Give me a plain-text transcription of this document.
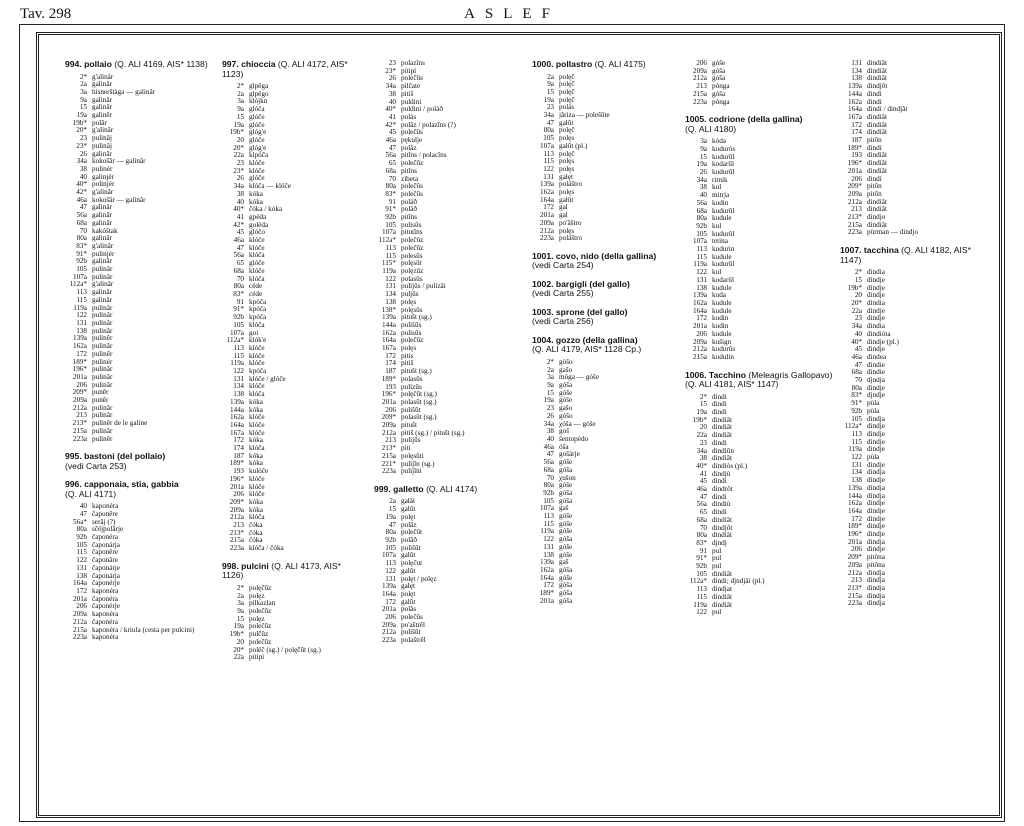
Tav. 298	ASLEF
994. pollaio (Q. ALI 4169, AIS* 1138)
2* g'alinâr
2a galinâr
3a hisnerštàga — galinâr
9a galinâr
15 galinâr
19a galinêr
19b* polâr
20* g'alinâr
23 pulinâj
23* pulinâj
26 galinâr
34a kokošâr — galinâr
38 pulinér
40 galinjér
40* polinjér
42* g'alinâr
46a kokošâr — galinâr
47 galinâr
56a galinâr
68a galinâr
70 kakóštak
80a galinâr
83* g'alinâr
91* pulinjér
92b galinâr
105 pulinâr
107a pulinâr
112a* g'alinâr
113 galinâr
115 galinâr
119a pulinâr
122 pulinâr
131 pulinâr
138 pulinâr
139a pulinêr
162a pulinâr
172 pulinêr
189* pulinér
196* pulinâr
201a pulinâr
206 pulinâr
209* punêr
209a punêr
212a pulinâr
213 pulinâr
213* pulinêr de le galine
215a pulinâr
223a pulinêr
995. bastoni (del pollaio)
(vedi Carta 253)
996. capponaia, stia, gabbia
(Q. ALI 4171)
40 kaponéra
47 čaponêre
56a* serâj (?)
80a sčéjpolârje
92b čaponéra
105 čaponárja
115 čaponêre
122 čaponâre
131 čaponárje
138 čaponárja
164a čaponérje
172 kaponéra
201a čaponéra
206 čaponérje
209a kaponéra
212a čaponéra
215a kaponéra / kriula (cesta per pulcini)
223a kaponéra
997. chioccia (Q. ALI 4172, AIS* 1123)
2* glpêga
2a glpêgo
3a klójkn
9a glóča
15 glóče
19a glóče
19b* glóg'e
20 glóče
20* glóg'e
22a klpóča
23 klóče
23* klóče
26 glóče
34a klóča — klóče
38 kóka
40 kóka
40* čóka / kóka
41 gpéda
42* goléda
45 glóčo
46a klóče
47 klóče
56a klóča
65 glóče
68a klóče
70 klóča
80a céde
83* céde
91 kpóča
91* kpóča
92b kpóča
105 klóča
107a goi
112a* klók'e
113 klóče
115 klóče
119a klóče
122 kpóča
131 klóče / glóče
134 klóče
138 klóča
139a kóka
144a kóka
162a klóče
164a klóče
167a klóče
172 kóka
174 klóča
187 kóka
189* kóka
193 kulóče
196* klóče
201a klóče
206 klóče
209* kóka
209a kóka
212a klóča
213 čóka
213* čóka
215a čóka
223a klóča / čóka
998. pulcini (Q. ALI 4173, AIS* 1126)
2* polęčûz
2a polęz
3a pilkazlan
9a polečûz
15 polęz
19a polečûz
19b* pulčûz
20 polečûz
20* poléč (sg.) / polęčût (sg.)
22a pitipì
23 polazîns
23* pitipì
26 polečûs
34a pilčate
38 pitiš
40 puldini
40* puldini / poláð
41 polás
42* polâz / polazîns (?)
45 polečûs
46a pękulje
47 polâz
56a pitîns / polacîns
65 polečûz
68a pitîns
70 zibeta
80a polečûs
83* polečûs
91 poláð
91* poláð
92b pitîns
105 pulisûs
107a pitutîns
112a* polečûz
113 polečûz
115 polesûs
115* polęsût
119a polęzûz
122 polasûs
131 pulijûs / pulizâi
134 puljûs
138 polęs
138* polęsûs
139a pitušt (sg.)
144a pulišûs
162a pulisûs
164a polečûz
167a polęs
172 pitis
174 pitiš
187 pitušt (sg.)
189* polasûs
193 pulizûs
196* polęčût (sg.)
201a polasût (sg.)
206 pulišût
209* polasût (sg.)
209a pitušt
212a pitiš (sg.) / pitušt (sg.)
213 pulijûs
213* piti
215a polęsûti
221* pulijîn (sg.)
223a pulijîni
999. galletto (Q. ALI 4174)
2a gałât
15 galût
19a polęt
47 polâz
80a polečût
92b polâð
105 pulišût
107a galût
113 polęčut
122 galût
131 polęt / polęz
139a galęt
164a polęt
172 galût
201a polâs
206 polečûs
209a po'aštrêl
212a pulišût
223a polaštrêl
1000. pollastro (Q. ALI 4175)
2a polęč
9a polęč
15 polęč
19a polęč
23 polás
34a jâriza — polešûte
47 gałût
80a polęč
105 polęs
107a gałût (pl.)
113 polęč
115 polęs
122 polęs
131 gałęt
139a poláštro
162a polęs
164a gałût
172 gal
201a gal
209a po'âštro
212a polęs
223a poláštro
1001. covo, nido (della gallina)
(vedi Carta 254)
1002. bargigli (del gallo)
(vedi Carta 255)
1003. sprone (del gallo)
(vedi Carta 256)
1004. gozzo (della gallina)
(Q. ALI 4179, AIS* 1128 Cp.)
2* gòšo
2a gašo
3a móga — gòše
9a góša
15 góše
19a góše
23 gašo
26 góšo
34a χóša — góše
38 goš
40 šentopèdo
46a óša
47 gošárje
56a góše
68a góša
70 χušon
80a góše
92b góša
105 góša
107a gaš
113 góše
115 góše
119a góše
122 góša
131 góše
138 góše
139a gaš
162a góša
164a góše
172 góša
189* góša
201a góša
206 góše
209a góša
212a góša
213 pònga
215a góša
223a pònga
1005. codrione (della gallina)
(Q. ALI 4180)
3a kódə
9a kudurós
15 kudurûl
19a kodarûl
26 kudurûl
34a ritnik
38 kul
40 mitrja
56a kudin
68a kudurûl
80a kudule
92b kul
105 kudurûl
107a tetina
113 kudurin
115 kudule
119a kudurûl
122 kul
131 kodarûl
138 kudule
139a kuda
162a kudule
164a kudule
172 kudin
201a kudin
206 kudule
209a kušign
212a kudurûs
215a kudulin
1006. Tacchino (Meleagris Gallopavo) (Q. ALI 4181, AIS* 1147)
2* dindi
15 dindi
19a dindi
19b* dindiât
20 dindiât
22a dindiât
23 dindi
34a dindiûn
38 dindiât
40* dindiòs (pl.)
41 dindjù
45 dindi
46a dindrôt
47 dindi
56a dindiù
65 dindi
68a dindiât
70 dindjôt
80a dindiât
83* djndj
91 pul
91* pul
92b pul
105 dindiât
112a* dindi; djndjâi (pl.)
113 dindjat
115 dindiât
119a dindiât
122 pul
131 dindiât
134 dindiât
138 dindiât
139a dindjôt
144a dindi
162a dindi
164a dindi / dindjât
167a dindiât
172 dindiât
174 dindiât
187 pitôn
189* dindi
193 dindiât
196* dindiât
201a dindiât
206 dindi
209* pitôn
209a pitôn
212a dindiât
213 dindiât
213* dindjo
215a dindiât
223a pùrman — dindjo
1007. tacchina (Q. ALI 4182, AIS* 1147)
2* dindia
15 dindje
19b* dindje
20 dindje
20* dindia
22a dindje
23 dindje
34a dindia
40 dindióta
40* dindje (pl.)
45 dindje
46a dindea
47 dindie
68a dindie
70 djndja
80a dindje
83* djndje
91* pùla
92b pùla
105 dindja
112a* dindje
113 dindje
115 dindje
119a dindje
122 pùla
131 dindje
134 dindja
138 dindje
139a dindja
144a dindja
162a dindje
164a dindje
172 dindje
189* dindje
196* dindje
201a dindja
206 dindje
209* pitôna
209a pitôna
212a dindja
213 dindja
213* dindja
215a dindja
223a dindja
